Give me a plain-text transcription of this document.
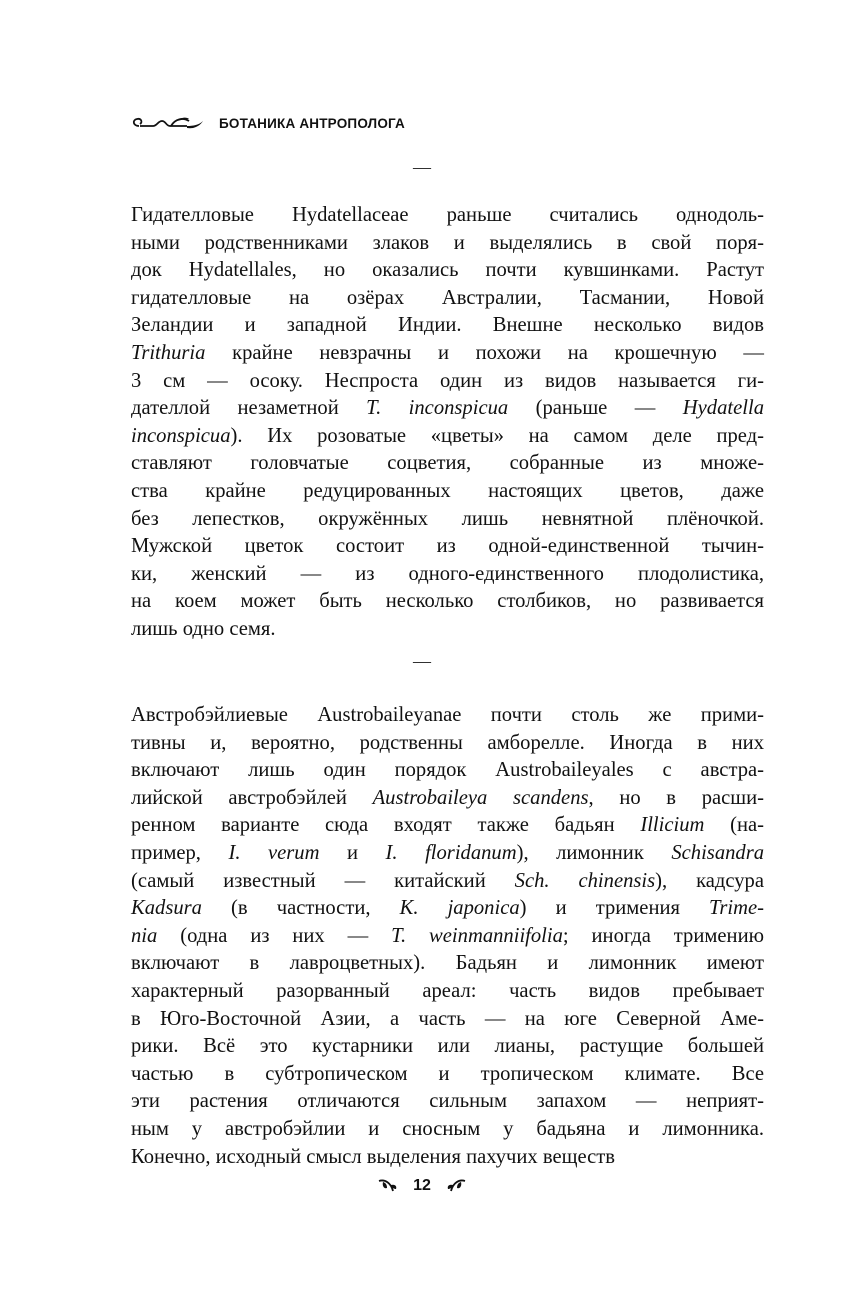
БОТАНИКА АНТРОПОЛОГА
—
Гидателловые Hydatellaceae раньше считались однодоль-
ными родственниками злаков и выделялись в свой поря-
док Hydatellales, но оказались почти кувшинками. Растут
гидателловые на озёрах Австралии, Тасмании, Новой
Зеландии и западной Индии. Внешне несколько видов
Trithuria крайне невзрачны и похожи на крошечную —
3 см — осоку. Неспроста один из видов называется ги-
дателлой незаметной T. inconspicua (раньше — Hydatella
inconspicua). Их розоватые «цветы» на самом деле пред-
ставляют головчатые соцветия, собранные из множе-
ства крайне редуцированных настоящих цветов, даже
без лепестков, окружённых лишь невнятной плёночкой.
Мужской цветок состоит из одной-единственной тычин-
ки, женский — из одного-единственного плодолистика,
на коем может быть несколько столбиков, но развивается
лишь одно семя.
—
Австробэйлиевые Austrobaileyanae почти столь же прими-
тивны и, вероятно, родственны амборелле. Иногда в них
включают лишь один порядок Austrobaileyales с австра-
лийской австробэйлей Austrobaileya scandens, но в расши-
ренном варианте сюда входят также бадьян Illicium (на-
пример, I. verum и I. floridanum), лимонник Schisandra
(самый известный — китайский Sch. chinensis), кадсура
Kadsura (в частности, K. japonica) и тримения Trime-
nia (одна из них — T. weinmanniifolia; иногда тримению
включают в лавроцветных). Бадьян и лимонник имеют
характерный разорванный ареал: часть видов пребывает
в Юго-Восточной Азии, а часть — на юге Северной Аме-
рики. Всё это кустарники или лианы, растущие большей
частью в субтропическом и тропическом климате. Все
эти растения отличаются сильным запахом — неприят-
ным у австробэйлии и сносным у бадьяна и лимонника.
Конечно, исходный смысл выделения пахучих веществ
12
